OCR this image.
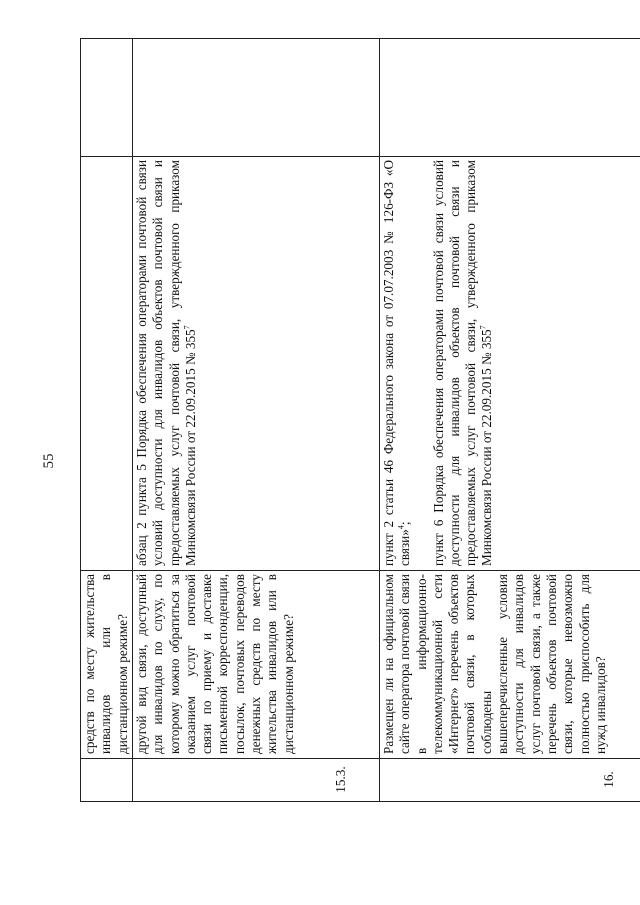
55
средств по месту жительства инвалидов или в дистанционном режиме?
15.3.
другой вид связи, доступный для инвалидов по слуху, по которому можно обратиться за оказанием услуг почтовой связи по приему и доставке письменной корреспонденции, посылок, почтовых переводов денежных средств по месту жительства инвалидов или в дистанционном режиме?
абзац 2 пункта 5 Порядка обеспечения операторами почтовой связи условий доступности для инвалидов объектов почтовой связи и предоставляемых услуг почтовой связи, утвержденного приказом Минкомсвязи России от 22.09.2015 № $355^7$
16.
Размещен ли на официальном сайте оператора почтовой связи в информационно-телекоммуникационной сети «Интернет» перечень объектов почтовой связи, в которых соблюдены вышеперечисленные условия доступности для инвалидов услуг почтовой связи, а также перечень объектов почтовой связи, которые невозможно полностью приспособить для нужд инвалидов?
пункт 2 статьи 46 Федерального закона от 07.07.2003 № 126-ФЗ «О связи»$^4$; пункт 6 Порядка обеспечения операторами почтовой связи условий доступности для инвалидов объектов почтовой связи и предоставляемых услуг почтовой связи, утвержденного приказом Минкомсвязи России от 22.09.2015 № $355^7$
